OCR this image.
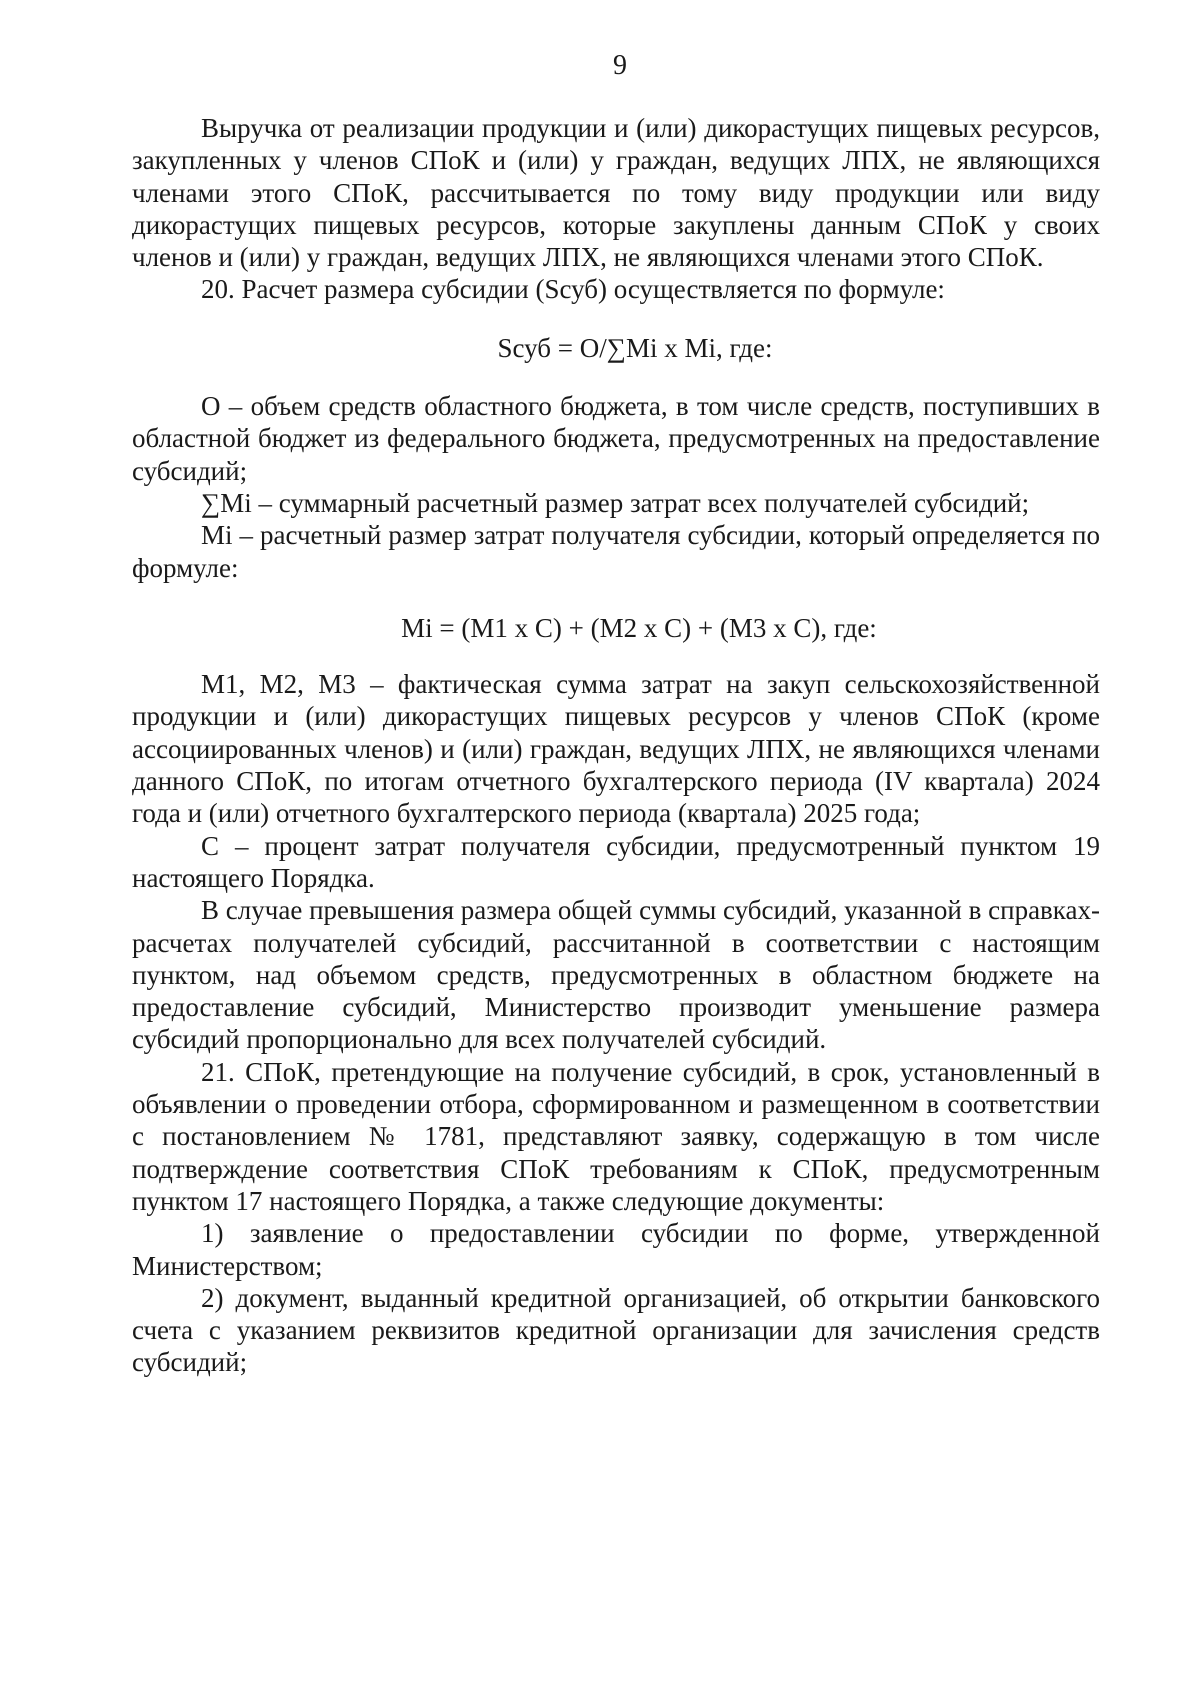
9

Выручка от реализации продукции и (или) дикорастущих пищевых ресурсов, закупленных у членов СПоК и (или) у граждан, ведущих ЛПХ, не являющихся членами этого СПоК, рассчитывается по тому виду продукции или виду дикорастущих пищевых ресурсов, которые закуплены данным СПоК у своих членов и (или) у граждан, ведущих ЛПХ, не являющихся членами этого СПоК.

20. Расчет размера субсидии (Sсуб) осуществляется по формуле:

Sсуб = О/∑Mi x Mi, где:

О – объем средств областного бюджета, в том числе средств, поступивших в областной бюджет из федерального бюджета, предусмотренных на предоставление субсидий;

∑Mi – суммарный расчетный размер затрат всех получателей субсидий;

Mi – расчетный размер затрат получателя субсидии, который определяется по формуле:

Mi = (M1 x C) + (M2 x C) + (M3 x C), где:

M1, M2, M3 – фактическая сумма затрат на закуп сельскохозяйственной продукции и (или) дикорастущих пищевых ресурсов у членов СПоК (кроме ассоциированных членов) и (или) граждан, ведущих ЛПХ, не являющихся членами данного СПоК, по итогам отчетного бухгалтерского периода (IV квартала) 2024 года и (или) отчетного бухгалтерского периода (квартала) 2025 года;

С – процент затрат получателя субсидии, предусмотренный пунктом 19 настоящего Порядка.

В случае превышения размера общей суммы субсидий, указанной в справках-расчетах получателей субсидий, рассчитанной в соответствии с настоящим пунктом, над объемом средств, предусмотренных в областном бюджете на предоставление субсидий, Министерство производит уменьшение размера субсидий пропорционально для всех получателей субсидий.

21. СПоК, претендующие на получение субсидий, в срок, установленный в объявлении о проведении отбора, сформированном и размещенном в соответствии с постановлением № 1781, представляют заявку, содержащую в том числе подтверждение соответствия СПоК требованиям к СПоК, предусмотренным пунктом 17 настоящего Порядка, а также следующие документы:

1) заявление о предоставлении субсидии по форме, утвержденной Министерством;

2) документ, выданный кредитной организацией, об открытии банковского счета с указанием реквизитов кредитной организации для зачисления средств субсидий;
